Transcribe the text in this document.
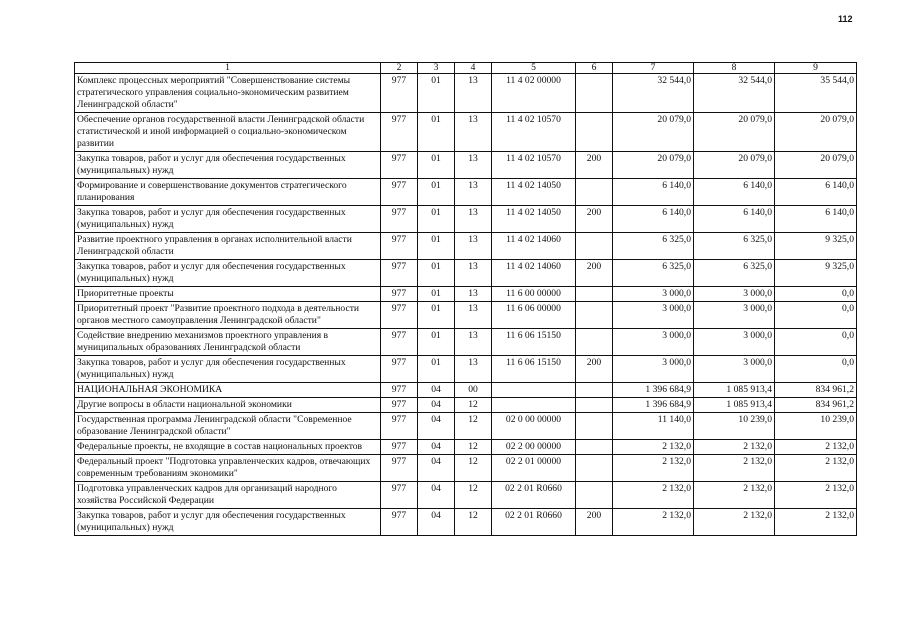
112
1	2	3	4	5	6	7	8	9
Комплекс процессных мероприятий "Совершенствование системы стратегического управления социально-экономическим развитием Ленинградской области"	977	01	13	11 4 02 00000		32 544,0	32 544,0	35 544,0
Обеспечение органов государственной власти Ленинградской области статистической и иной информацией о социально-экономическом развитии	977	01	13	11 4 02 10570		20 079,0	20 079,0	20 079,0
Закупка товаров, работ и услуг для обеспечения государственных (муниципальных) нужд	977	01	13	11 4 02 10570	200	20 079,0	20 079,0	20 079,0
Формирование и совершенствование документов стратегического планирования	977	01	13	11 4 02 14050		6 140,0	6 140,0	6 140,0
Закупка товаров, работ и услуг для обеспечения государственных (муниципальных) нужд	977	01	13	11 4 02 14050	200	6 140,0	6 140,0	6 140,0
Развитие проектного управления в органах исполнительной власти Ленинградской области	977	01	13	11 4 02 14060		6 325,0	6 325,0	9 325,0
Закупка товаров, работ и услуг для обеспечения государственных (муниципальных) нужд	977	01	13	11 4 02 14060	200	6 325,0	6 325,0	9 325,0
Приоритетные проекты	977	01	13	11 6 00 00000		3 000,0	3 000,0	0,0
Приоритетный проект "Развитие проектного подхода в деятельности органов местного самоуправления Ленинградской области"	977	01	13	11 6 06 00000		3 000,0	3 000,0	0,0
Содействие внедрению механизмов проектного управления в муниципальных образованиях Ленинградской области	977	01	13	11 6 06 15150		3 000,0	3 000,0	0,0
Закупка товаров, работ и услуг для обеспечения государственных (муниципальных) нужд	977	01	13	11 6 06 15150	200	3 000,0	3 000,0	0,0
НАЦИОНАЛЬНАЯ ЭКОНОМИКА	977	04	00			1 396 684,9	1 085 913,4	834 961,2
Другие вопросы в области национальной экономики	977	04	12			1 396 684,9	1 085 913,4	834 961,2
Государственная программа Ленинградской области "Современное образование Ленинградской области"	977	04	12	02 0 00 00000		11 140,0	10 239,0	10 239,0
Федеральные проекты, не входящие в состав национальных проектов	977	04	12	02 2 00 00000		2 132,0	2 132,0	2 132,0
Федеральный проект "Подготовка управленческих кадров, отвечающих современным требованиям экономики"	977	04	12	02 2 01 00000		2 132,0	2 132,0	2 132,0
Подготовка управленческих кадров для организаций народного хозяйства Российской Федерации	977	04	12	02 2 01 R0660		2 132,0	2 132,0	2 132,0
Закупка товаров, работ и услуг для обеспечения государственных (муниципальных) нужд	977	04	12	02 2 01 R0660	200	2 132,0	2 132,0	2 132,0
